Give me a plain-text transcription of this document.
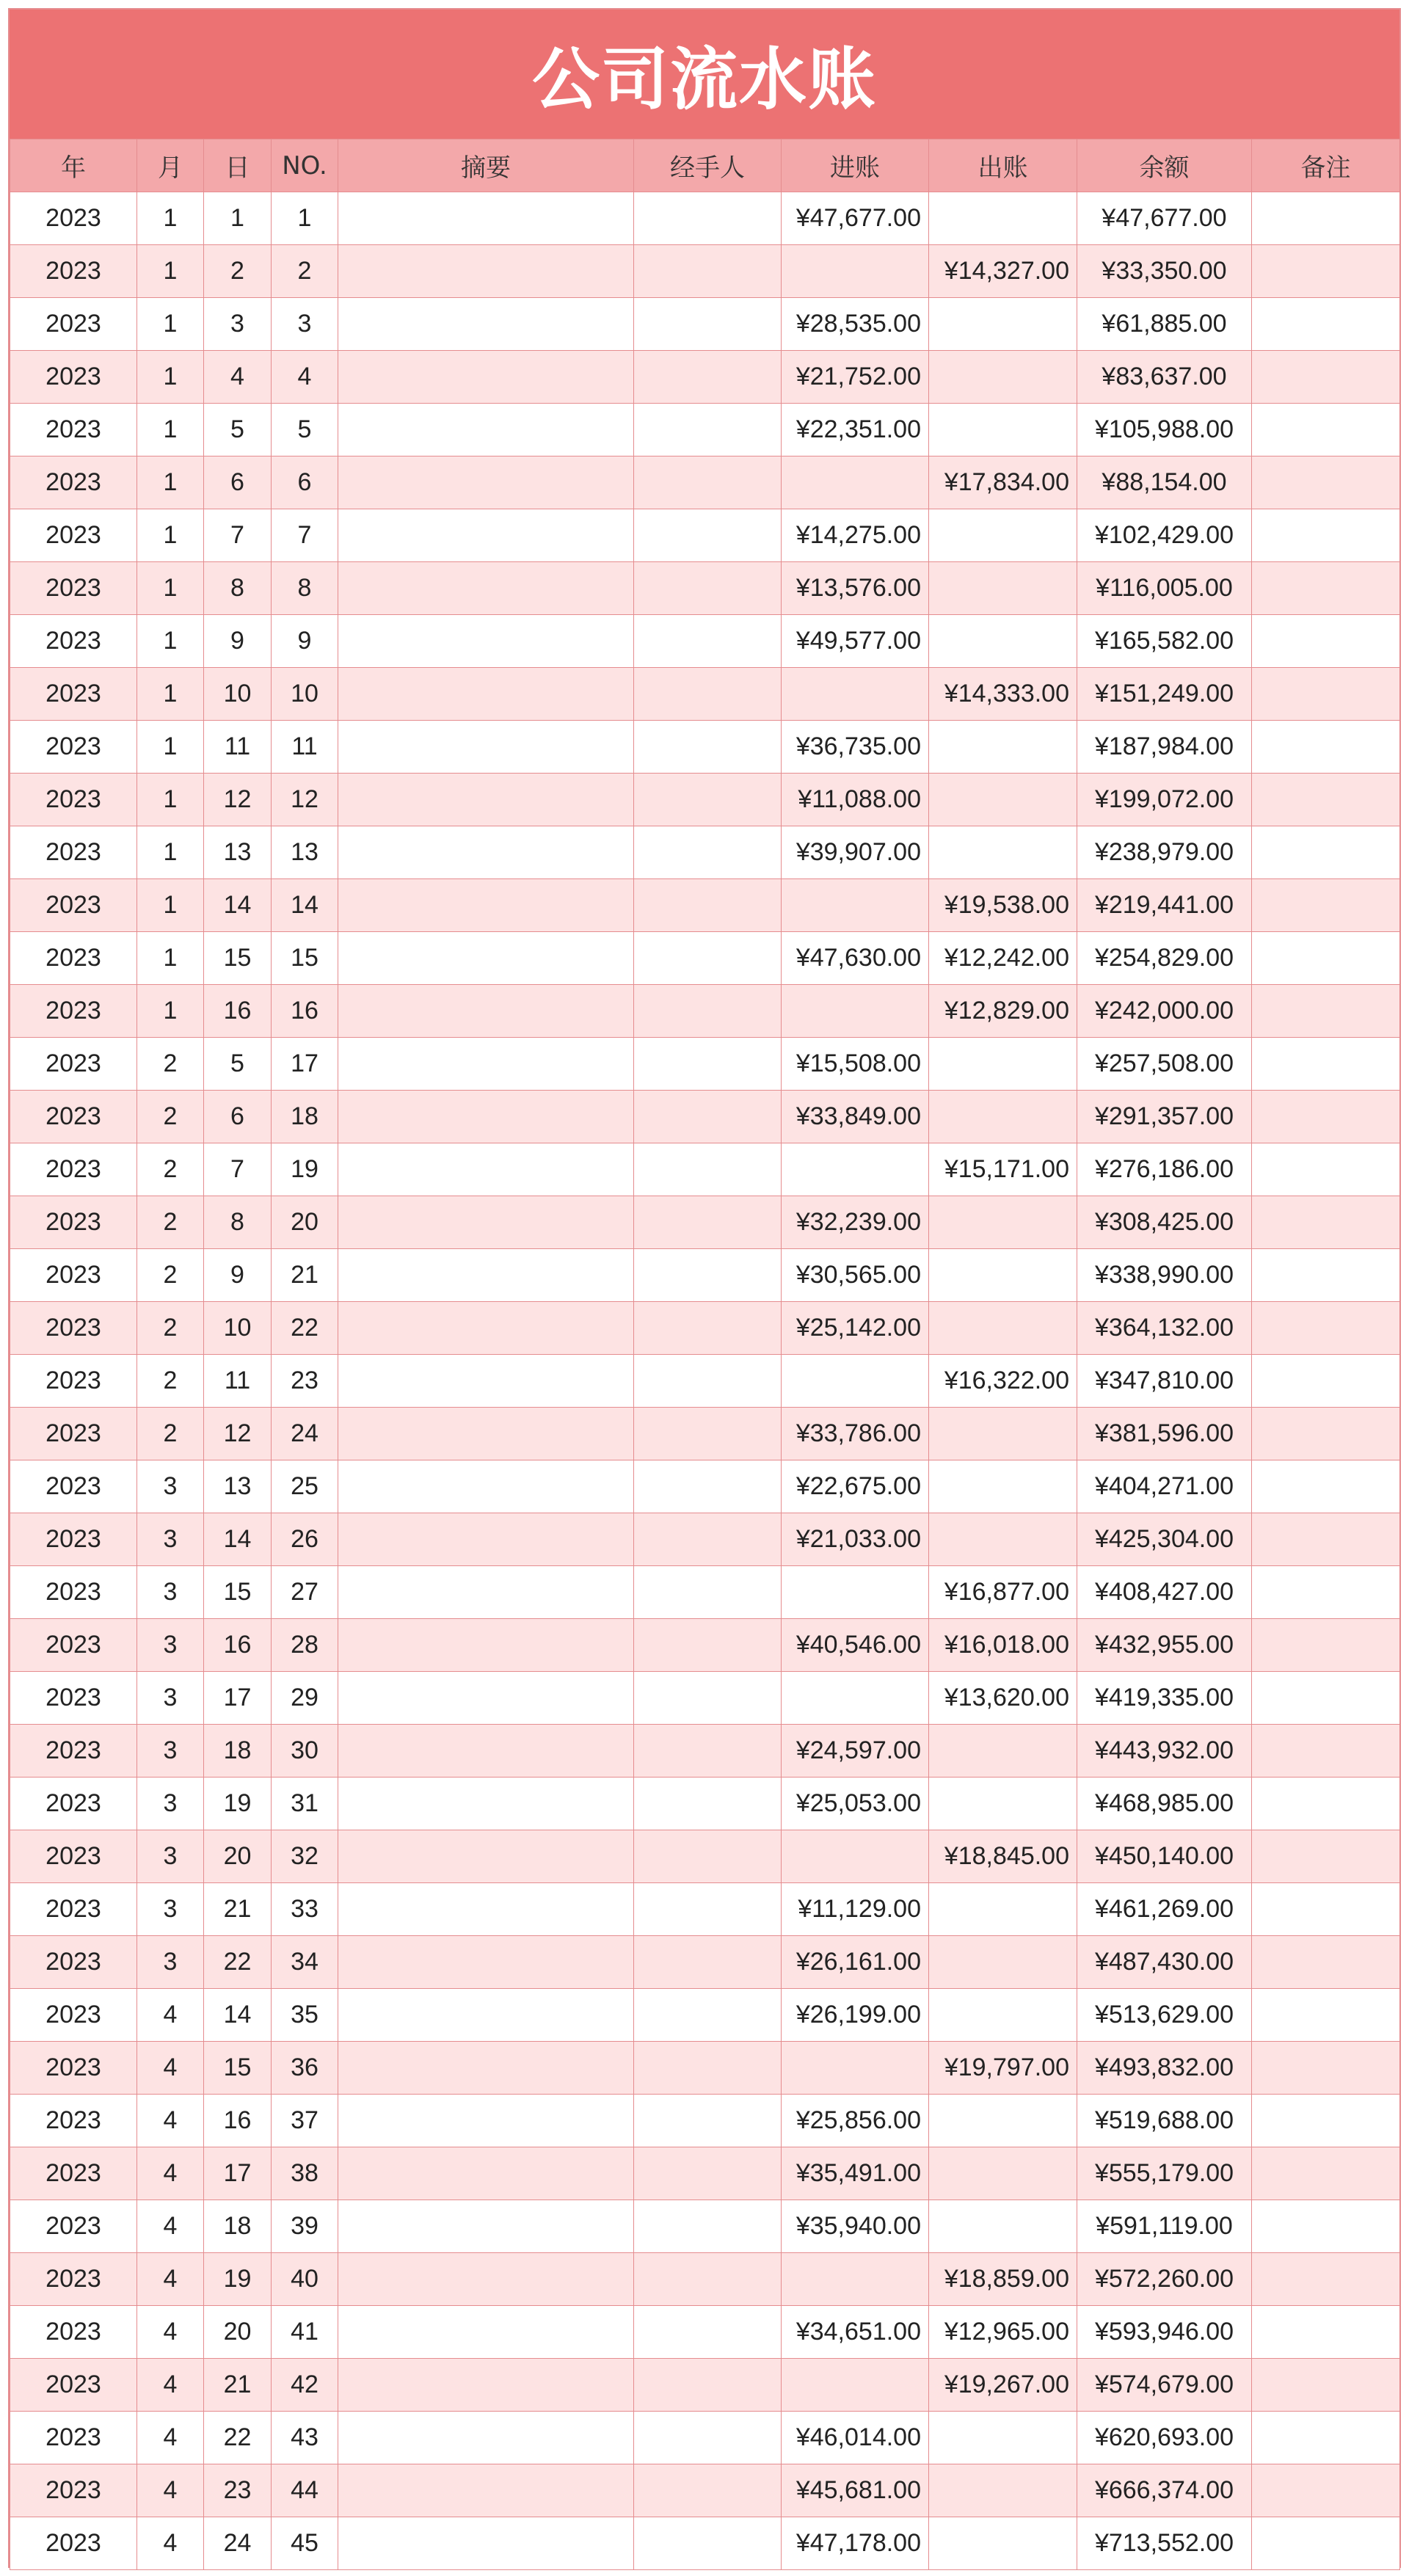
公司流水账
年	月	日	NO.	摘要	经手人	进账	出账	余额	备注
2023	1	1	1			¥47,677.00		¥47,677.00	
2023	1	2	2				¥14,327.00	¥33,350.00	
2023	1	3	3			¥28,535.00		¥61,885.00	
2023	1	4	4			¥21,752.00		¥83,637.00	
2023	1	5	5			¥22,351.00		¥105,988.00	
2023	1	6	6				¥17,834.00	¥88,154.00	
2023	1	7	7			¥14,275.00		¥102,429.00	
2023	1	8	8			¥13,576.00		¥116,005.00	
2023	1	9	9			¥49,577.00		¥165,582.00	
2023	1	10	10				¥14,333.00	¥151,249.00	
2023	1	11	11			¥36,735.00		¥187,984.00	
2023	1	12	12			¥11,088.00		¥199,072.00	
2023	1	13	13			¥39,907.00		¥238,979.00	
2023	1	14	14				¥19,538.00	¥219,441.00	
2023	1	15	15			¥47,630.00	¥12,242.00	¥254,829.00	
2023	1	16	16				¥12,829.00	¥242,000.00	
2023	2	5	17			¥15,508.00		¥257,508.00	
2023	2	6	18			¥33,849.00		¥291,357.00	
2023	2	7	19				¥15,171.00	¥276,186.00	
2023	2	8	20			¥32,239.00		¥308,425.00	
2023	2	9	21			¥30,565.00		¥338,990.00	
2023	2	10	22			¥25,142.00		¥364,132.00	
2023	2	11	23				¥16,322.00	¥347,810.00	
2023	2	12	24			¥33,786.00		¥381,596.00	
2023	3	13	25			¥22,675.00		¥404,271.00	
2023	3	14	26			¥21,033.00		¥425,304.00	
2023	3	15	27				¥16,877.00	¥408,427.00	
2023	3	16	28			¥40,546.00	¥16,018.00	¥432,955.00	
2023	3	17	29				¥13,620.00	¥419,335.00	
2023	3	18	30			¥24,597.00		¥443,932.00	
2023	3	19	31			¥25,053.00		¥468,985.00	
2023	3	20	32				¥18,845.00	¥450,140.00	
2023	3	21	33			¥11,129.00		¥461,269.00	
2023	3	22	34			¥26,161.00		¥487,430.00	
2023	4	14	35			¥26,199.00		¥513,629.00	
2023	4	15	36				¥19,797.00	¥493,832.00	
2023	4	16	37			¥25,856.00		¥519,688.00	
2023	4	17	38			¥35,491.00		¥555,179.00	
2023	4	18	39			¥35,940.00		¥591,119.00	
2023	4	19	40				¥18,859.00	¥572,260.00	
2023	4	20	41			¥34,651.00	¥12,965.00	¥593,946.00	
2023	4	21	42				¥19,267.00	¥574,679.00	
2023	4	22	43			¥46,014.00		¥620,693.00	
2023	4	23	44			¥45,681.00		¥666,374.00	
2023	4	24	45			¥47,178.00		¥713,552.00	
